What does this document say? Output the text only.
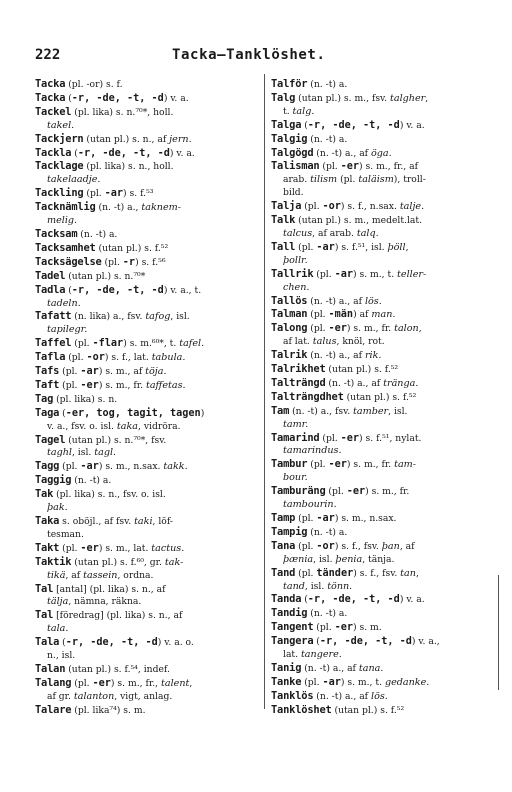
222	Tacka—Tanklöshet.
Tacka (pl. -or) s. f.
Tacka (-r, -de, -t, -d) v. a.
Tackel (pl. lika) s. n.⁷⁰*, holl.
takel.
Tackjern (utan pl.) s. n., af jern.
Tackla (-r, -de, -t, -d) v. a.
Tacklage (pl. lika) s. n., holl.
takelaadje.
Tackling (pl. -ar) s. f.⁵³
Tacknämlig (n. -t) a., taknem-
melig.
Tacksam (n. -t) a.
Tacksamhet (utan pl.) s. f.⁵²
Tacksägelse (pl. -r) s. f.⁵⁶
Tadel (utan pl.) s. n.⁷⁰*
Tadla (-r, -de, -t, -d) v. a., t.
tadeln.
Tafatt (n. lika) a., fsv. tafog, isl.
tapilegr.
Taffel (pl. -flar) s. m.⁶⁰*, t. tafel.
Tafla (pl. -or) s. f., lat. tabula.
Tafs (pl. -ar) s. m., af töja.
Taft (pl. -er) s. m., fr. taffetas.
Tag (pl. lika) s. n.
Taga (-er, tog, tagit, tagen)
v. a., fsv. o. isl. taka, vidröra.
Tagel (utan pl.) s. n.⁷⁰*, fsv.
taghl, isl. tagl.
Tagg (pl. -ar) s. m., n.sax. takk.
Taggig (n. -t) a.
Tak (pl. lika) s. n., fsv. o. isl.
þak.
Taka s. oböjl., af fsv. taki, löf-
tesman.
Takt (pl. -er) s. m., lat. tactus.
Taktik (utan pl.) s. f.⁶⁰, gr. tak-
tikä, af tassein, ordna.
Tal [antal] (pl. lika) s. n., af
tälja, nämna, räkna.
Tal [föredrag] (pl. lika) s. n., af
tala.
Tala (-r, -de, -t, -d) v. a. o.
n., isl.
Talan (utan pl.) s. f.⁵⁴, indef.
Talang (pl. -er) s. m., fr., talent,
af gr. talanton, vigt, anlag.
Talare (pl. lika⁷⁴) s. m.
Talför (n. -t) a.
Talg (utan pl.) s. m., fsv. talgher,
t. talg.
Talga (-r, -de, -t, -d) v. a.
Talgig (n. -t) a.
Talgögd (n. -t) a., af öga.
Talisman (pl. -er) s. m., fr., af
arab. tilism (pl. taläism), troll-
bild.
Talja (pl. -or) s. f., n.sax. talje.
Talk (utan pl.) s. m., medelt.lat.
talcus, af arab. talq.
Tall (pl. -ar) s. f.⁵¹, isl. þöll,
þollr.
Tallrik (pl. -ar) s. m., t. teller-
chen.
Tallös (n. -t) a., af lös.
Talman (pl. -män) af man.
Talong (pl. -er) s. m., fr. talon,
af lat. talus, knöl, rot.
Talrik (n. -t) a., af rik.
Talrikhet (utan pl.) s. f.⁵²
Talträngd (n. -t) a., af tränga.
Talträngdhet (utan pl.) s. f.⁵²
Tam (n. -t) a., fsv. tamber, isl.
tamr.
Tamarind (pl. -er) s. f.⁵¹, nylat.
tamarindus.
Tambur (pl. -er) s. m., fr. tam-
bour.
Tamburäng (pl. -er) s. m., fr.
tambourin.
Tamp (pl. -ar) s. m., n.sax.
Tampig (n. -t) a.
Tana (pl. -or) s. f., fsv. þan, af
þænia, isl. þenia, tänja.
Tand (pl. tänder) s. f., fsv. tan,
tand, isl. tönn.
Tanda (-r, -de, -t, -d) v. a.
Tandig (n. -t) a.
Tangent (pl. -er) s. m.
Tangera (-r, -de, -t, -d) v. a.,
lat. tangere.
Tanig (n. -t) a., af tana.
Tanke (pl. -ar) s. m., t. gedanke.
Tanklös (n. -t) a., af lös.
Tanklöshet (utan pl.) s. f.⁵²
